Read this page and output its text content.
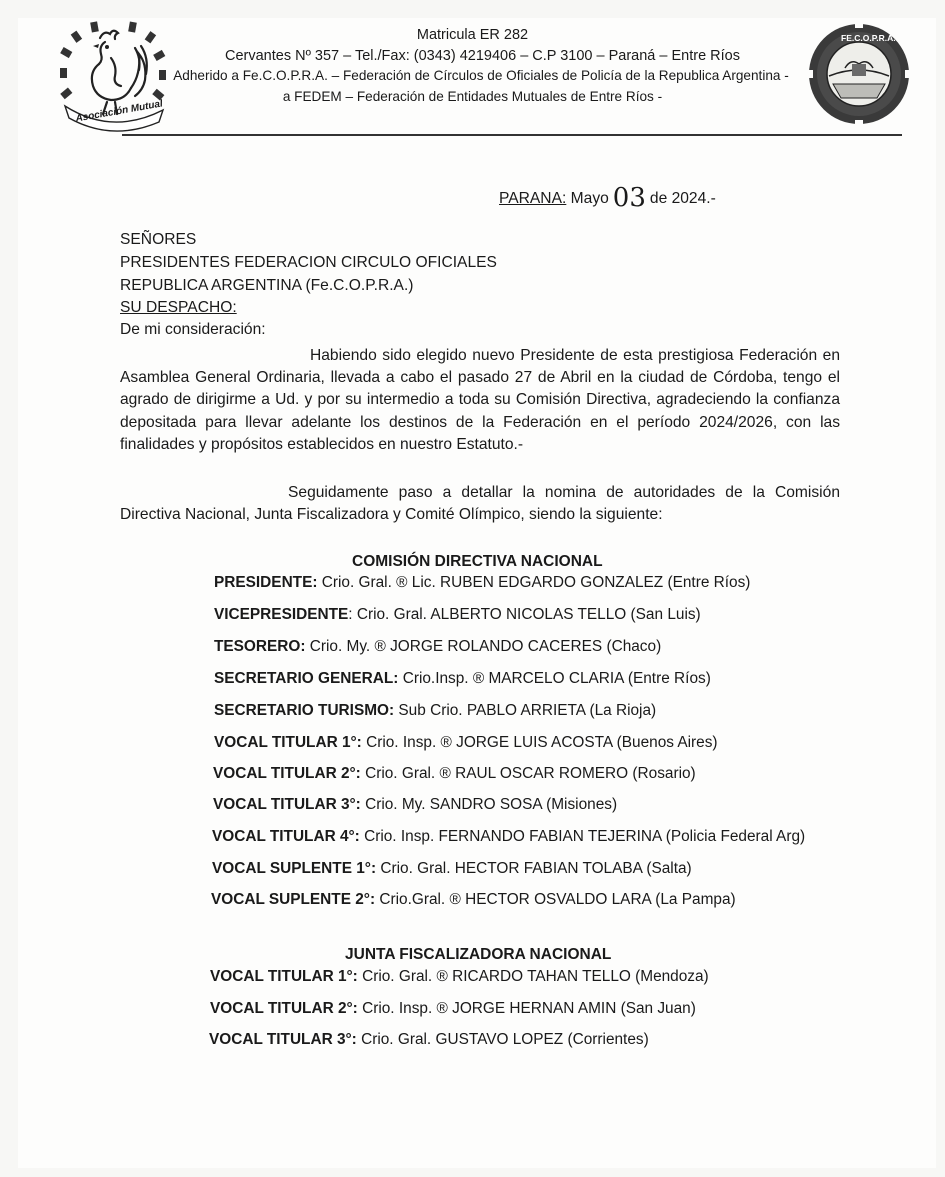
Asociación Mutual
FE.C.O.P.R.A.
Matricula ER 282
Cervantes Nº 357 – Tel./Fax: (0343) 4219406 – C.P 3100 – Paraná – Entre Ríos
Adherido a Fe.C.O.P.R.A. – Federación de Círculos de Oficiales de Policía de la Republica Argentina -
a FEDEM – Federación de Entidades Mutuales de Entre Ríos -
PARANA: Mayo 03 de 2024.-
SEÑORES
PRESIDENTES FEDERACION CIRCULO OFICIALES
REPUBLICA ARGENTINA (Fe.C.O.P.R.A.)
SU DESPACHO:
De mi consideración:
Habiendo sido elegido nuevo Presidente de esta prestigiosa Federación en Asamblea General Ordinaria, llevada a cabo el pasado 27 de Abril en la ciudad de Córdoba, tengo el agrado de dirigirme a Ud. y por su intermedio a toda su Comisión Directiva, agradeciendo la confianza depositada para llevar adelante los destinos de la Federación en el período 2024/2026, con las finalidades y propósitos establecidos en nuestro Estatuto.-
Seguidamente paso a detallar la nomina de autoridades de la Comisión Directiva Nacional, Junta Fiscalizadora y Comité Olímpico, siendo la siguiente:
COMISIÓN DIRECTIVA NACIONAL
PRESIDENTE: Crio. Gral. ® Lic. RUBEN EDGARDO GONZALEZ (Entre Ríos)
VICEPRESIDENTE: Crio. Gral. ALBERTO NICOLAS TELLO (San Luis)
TESORERO: Crio. My. ® JORGE ROLANDO CACERES (Chaco)
SECRETARIO GENERAL: Crio.Insp. ® MARCELO CLARIA (Entre Ríos)
SECRETARIO TURISMO: Sub Crio. PABLO ARRIETA (La Rioja)
VOCAL TITULAR 1°: Crio. Insp. ® JORGE LUIS ACOSTA (Buenos Aires)
VOCAL TITULAR 2°: Crio. Gral. ® RAUL OSCAR ROMERO (Rosario)
VOCAL TITULAR 3°: Crio. My. SANDRO SOSA (Misiones)
VOCAL TITULAR 4°: Crio. Insp. FERNANDO FABIAN TEJERINA (Policia Federal Arg)
VOCAL SUPLENTE 1°: Crio. Gral. HECTOR FABIAN TOLABA (Salta)
VOCAL SUPLENTE 2°: Crio.Gral. ® HECTOR OSVALDO LARA (La Pampa)
JUNTA FISCALIZADORA NACIONAL
VOCAL TITULAR 1°: Crio. Gral. ® RICARDO TAHAN TELLO (Mendoza)
VOCAL TITULAR 2°: Crio. Insp. ® JORGE HERNAN AMIN (San Juan)
VOCAL TITULAR 3°: Crio. Gral. GUSTAVO LOPEZ (Corrientes)
